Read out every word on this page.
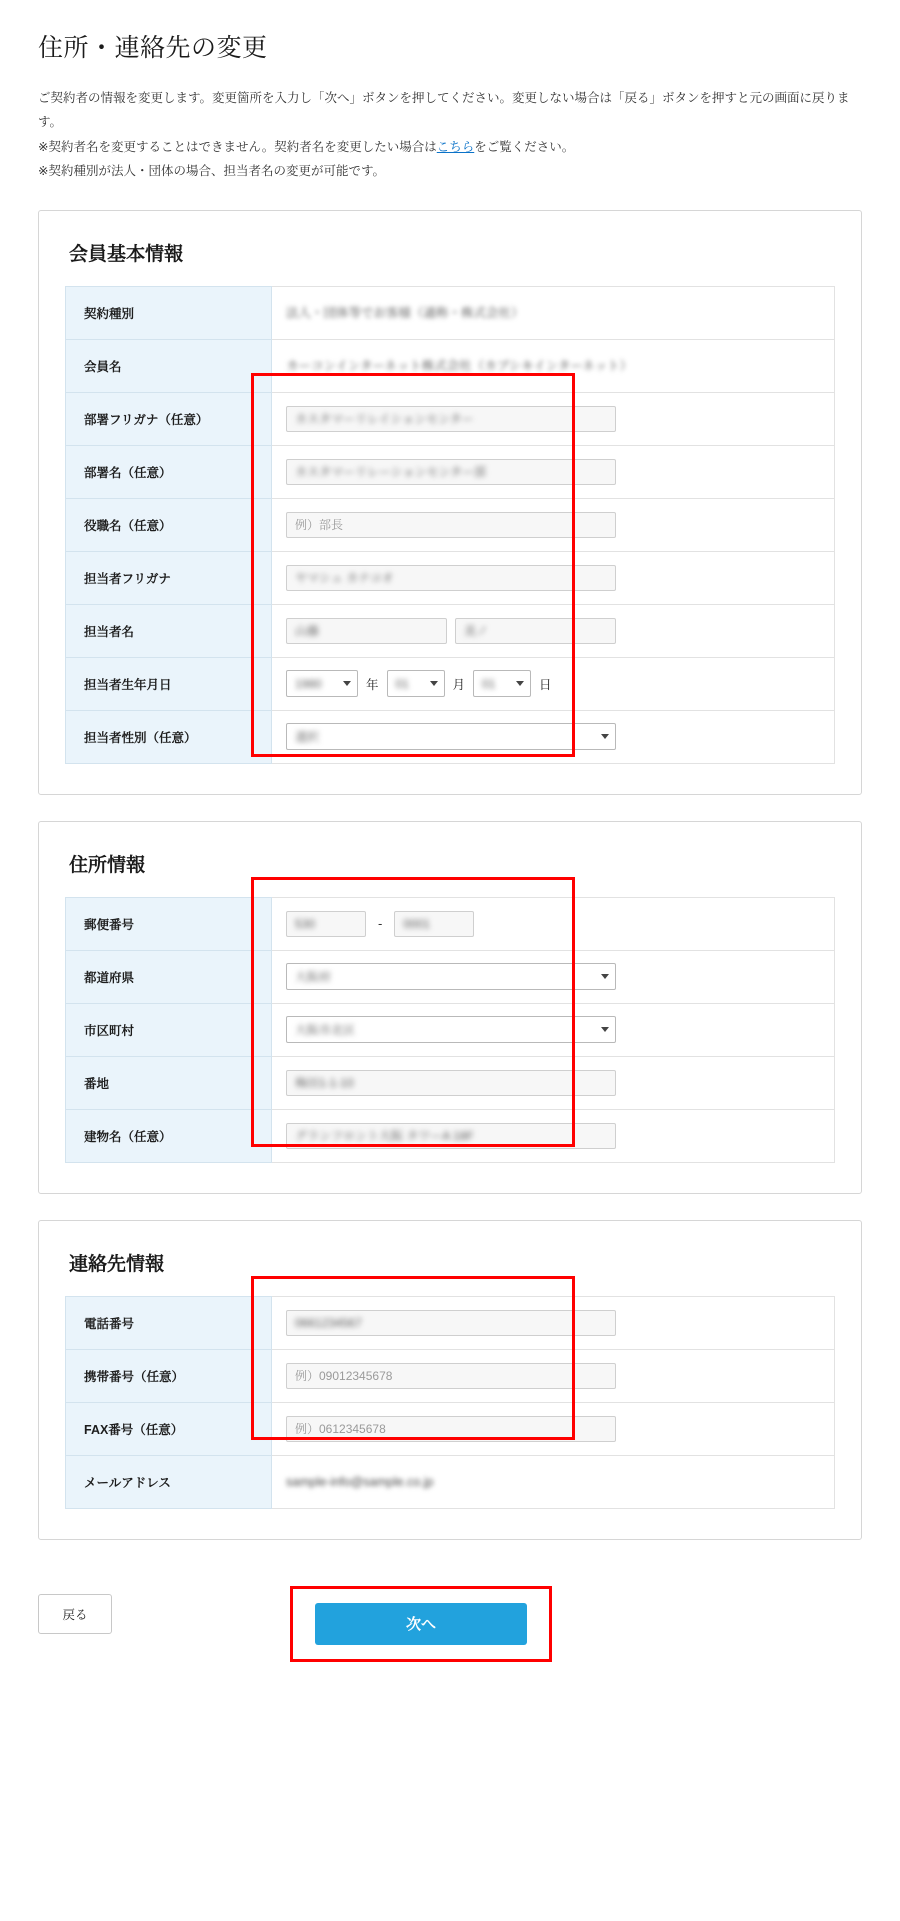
住所・連絡先の変更
ご契約者の情報を変更します。変更箇所を入力し「次へ」ボタンを押してください。変更しない場合は「戻る」ボタンを押すと元の画面に戻ります。
※契約者名を変更することはできません。契約者名を変更したい場合はこちらをご覧ください。
※契約種別が法人・団体の場合、担当者名の変更が可能です。
会員基本情報
契約種別	法人・団体等でお客様（通称・株式会社）
会員名	カーコンインターネット株式会社（カブシキインターネット）
部署フリガナ（任意）	カスタマーリレイションセンター

部署名（任意）	カスタマーリレーションセンター部

役職名（任意）	例）部長
担当者フリガナ	ヤマシュ カナコオ

担当者名	山藤 美ノ

担当者生年月日	1980	年 01	月 01	日

担当者性別（任意）	選択
住所情報
郵便番号	530 - 0001

都道府県	大阪府

市区町村	大阪市北区

番地	梅田1-1-10

建物名（任意）	グランフロント大阪 タワーA 18F
連絡先情報
電話番号	0661234567

携帯番号（任意）	例）09012345678
FAX番号（任意）	例）0612345678
メールアドレス	sample-info@sample.co.jp
戻る
次へ
